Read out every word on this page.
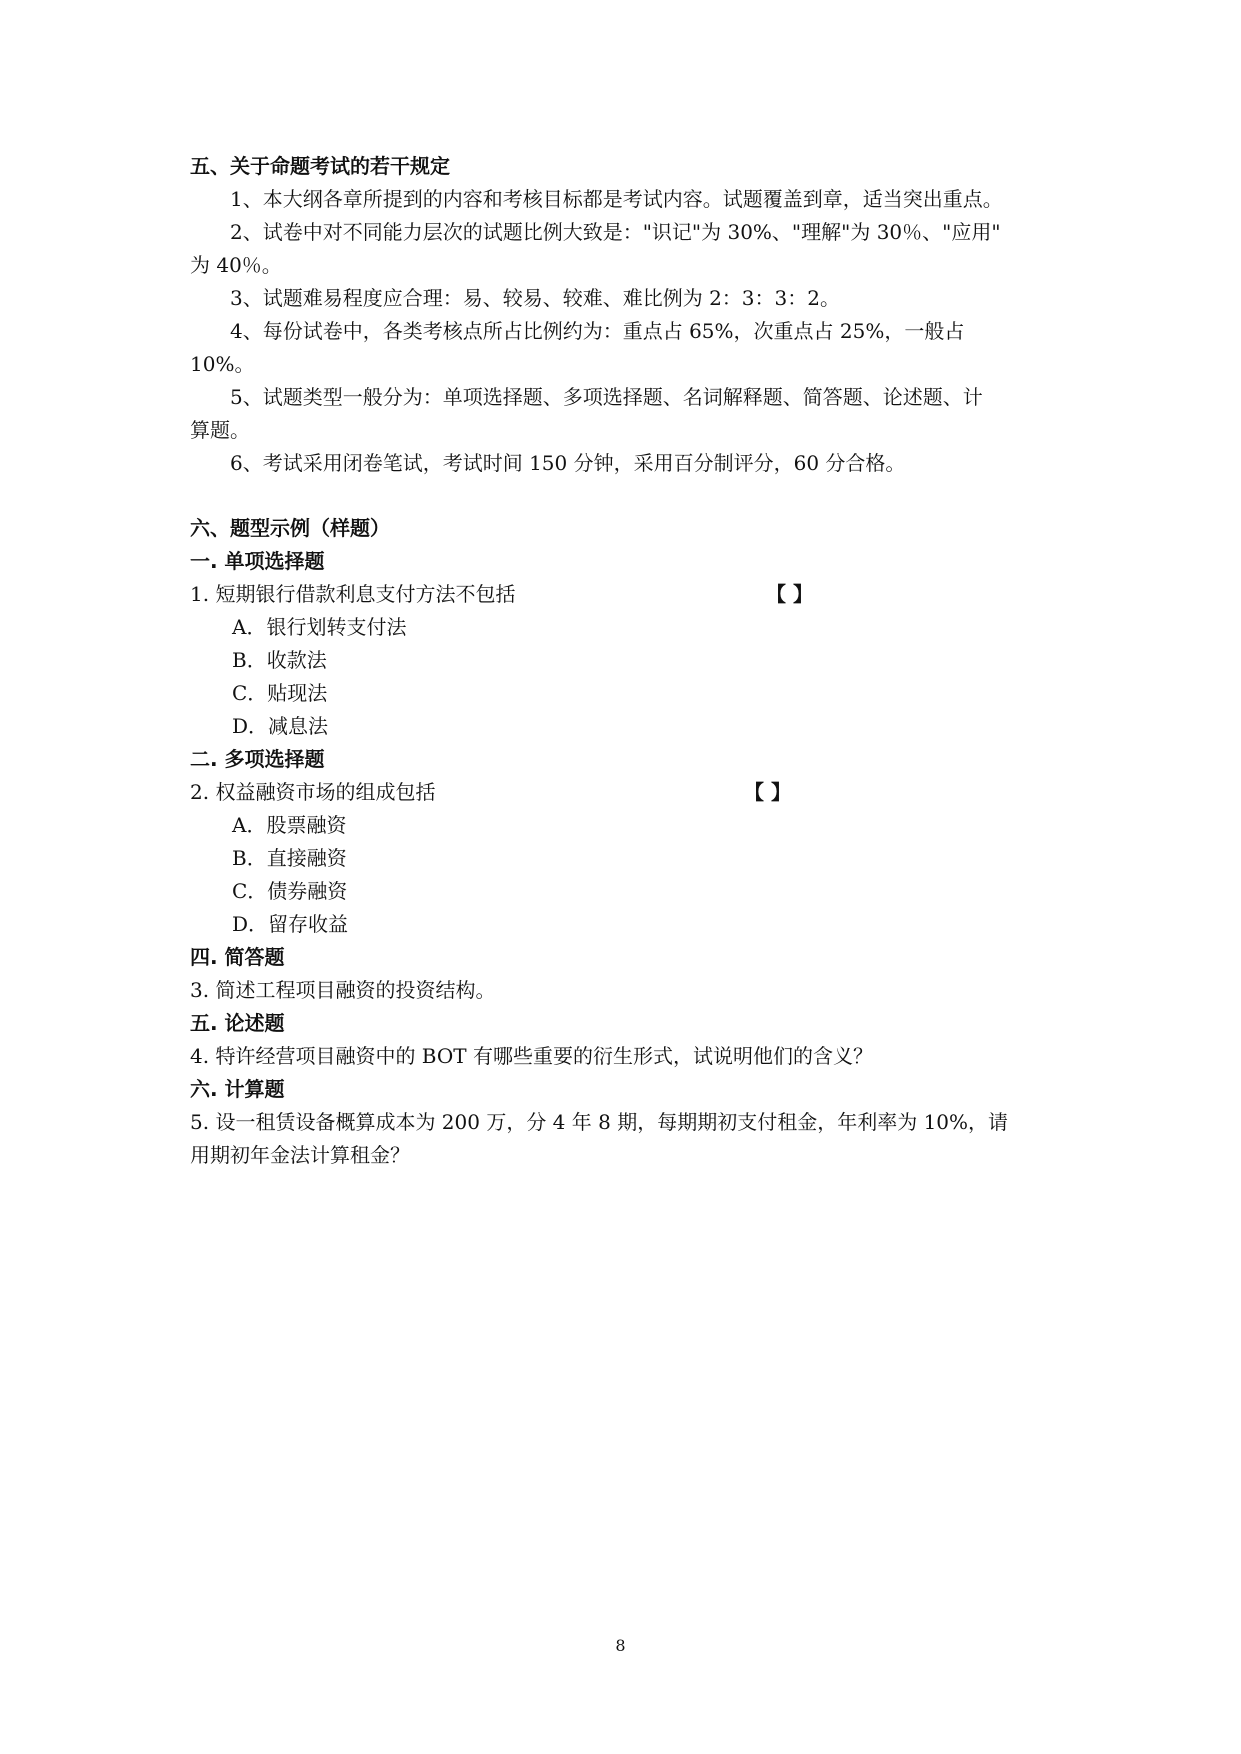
五、关于命题考试的若干规定
1、本大纲各章所提到的内容和考核目标都是考试内容。试题覆盖到章，适当突出重点。
2、试卷中对不同能力层次的试题比例大致是："识记"为 30%、"理解"为 30％、"应用"
为 40％。
3、试题难易程度应合理：易、较易、较难、难比例为 2：3：3：2。
4、每份试卷中，各类考核点所占比例约为：重点占 65%，次重点占 25%，一般占
10%。
5、试题类型一般分为：单项选择题、多项选择题、名词解释题、简答题、论述题、计
算题。
6、考试采用闭卷笔试，考试时间 150 分钟，采用百分制评分，60 分合格。
六、题型示例（样题）
一. 单项选择题
1. 短期银行借款利息支付方法不包括	【 】
A．银行划转支付法
B．收款法
C．贴现法
D．减息法
二. 多项选择题
2. 权益融资市场的组成包括	【 】
A．股票融资
B．直接融资
C．债券融资
D．留存收益
四. 简答题
3. 简述工程项目融资的投资结构。
五. 论述题
4. 特许经营项目融资中的 BOT 有哪些重要的衍生形式，试说明他们的含义？
六. 计算题
5. 设一租赁设备概算成本为 200 万，分 4 年 8 期，每期期初支付租金，年利率为 10%，请
用期初年金法计算租金？
8
